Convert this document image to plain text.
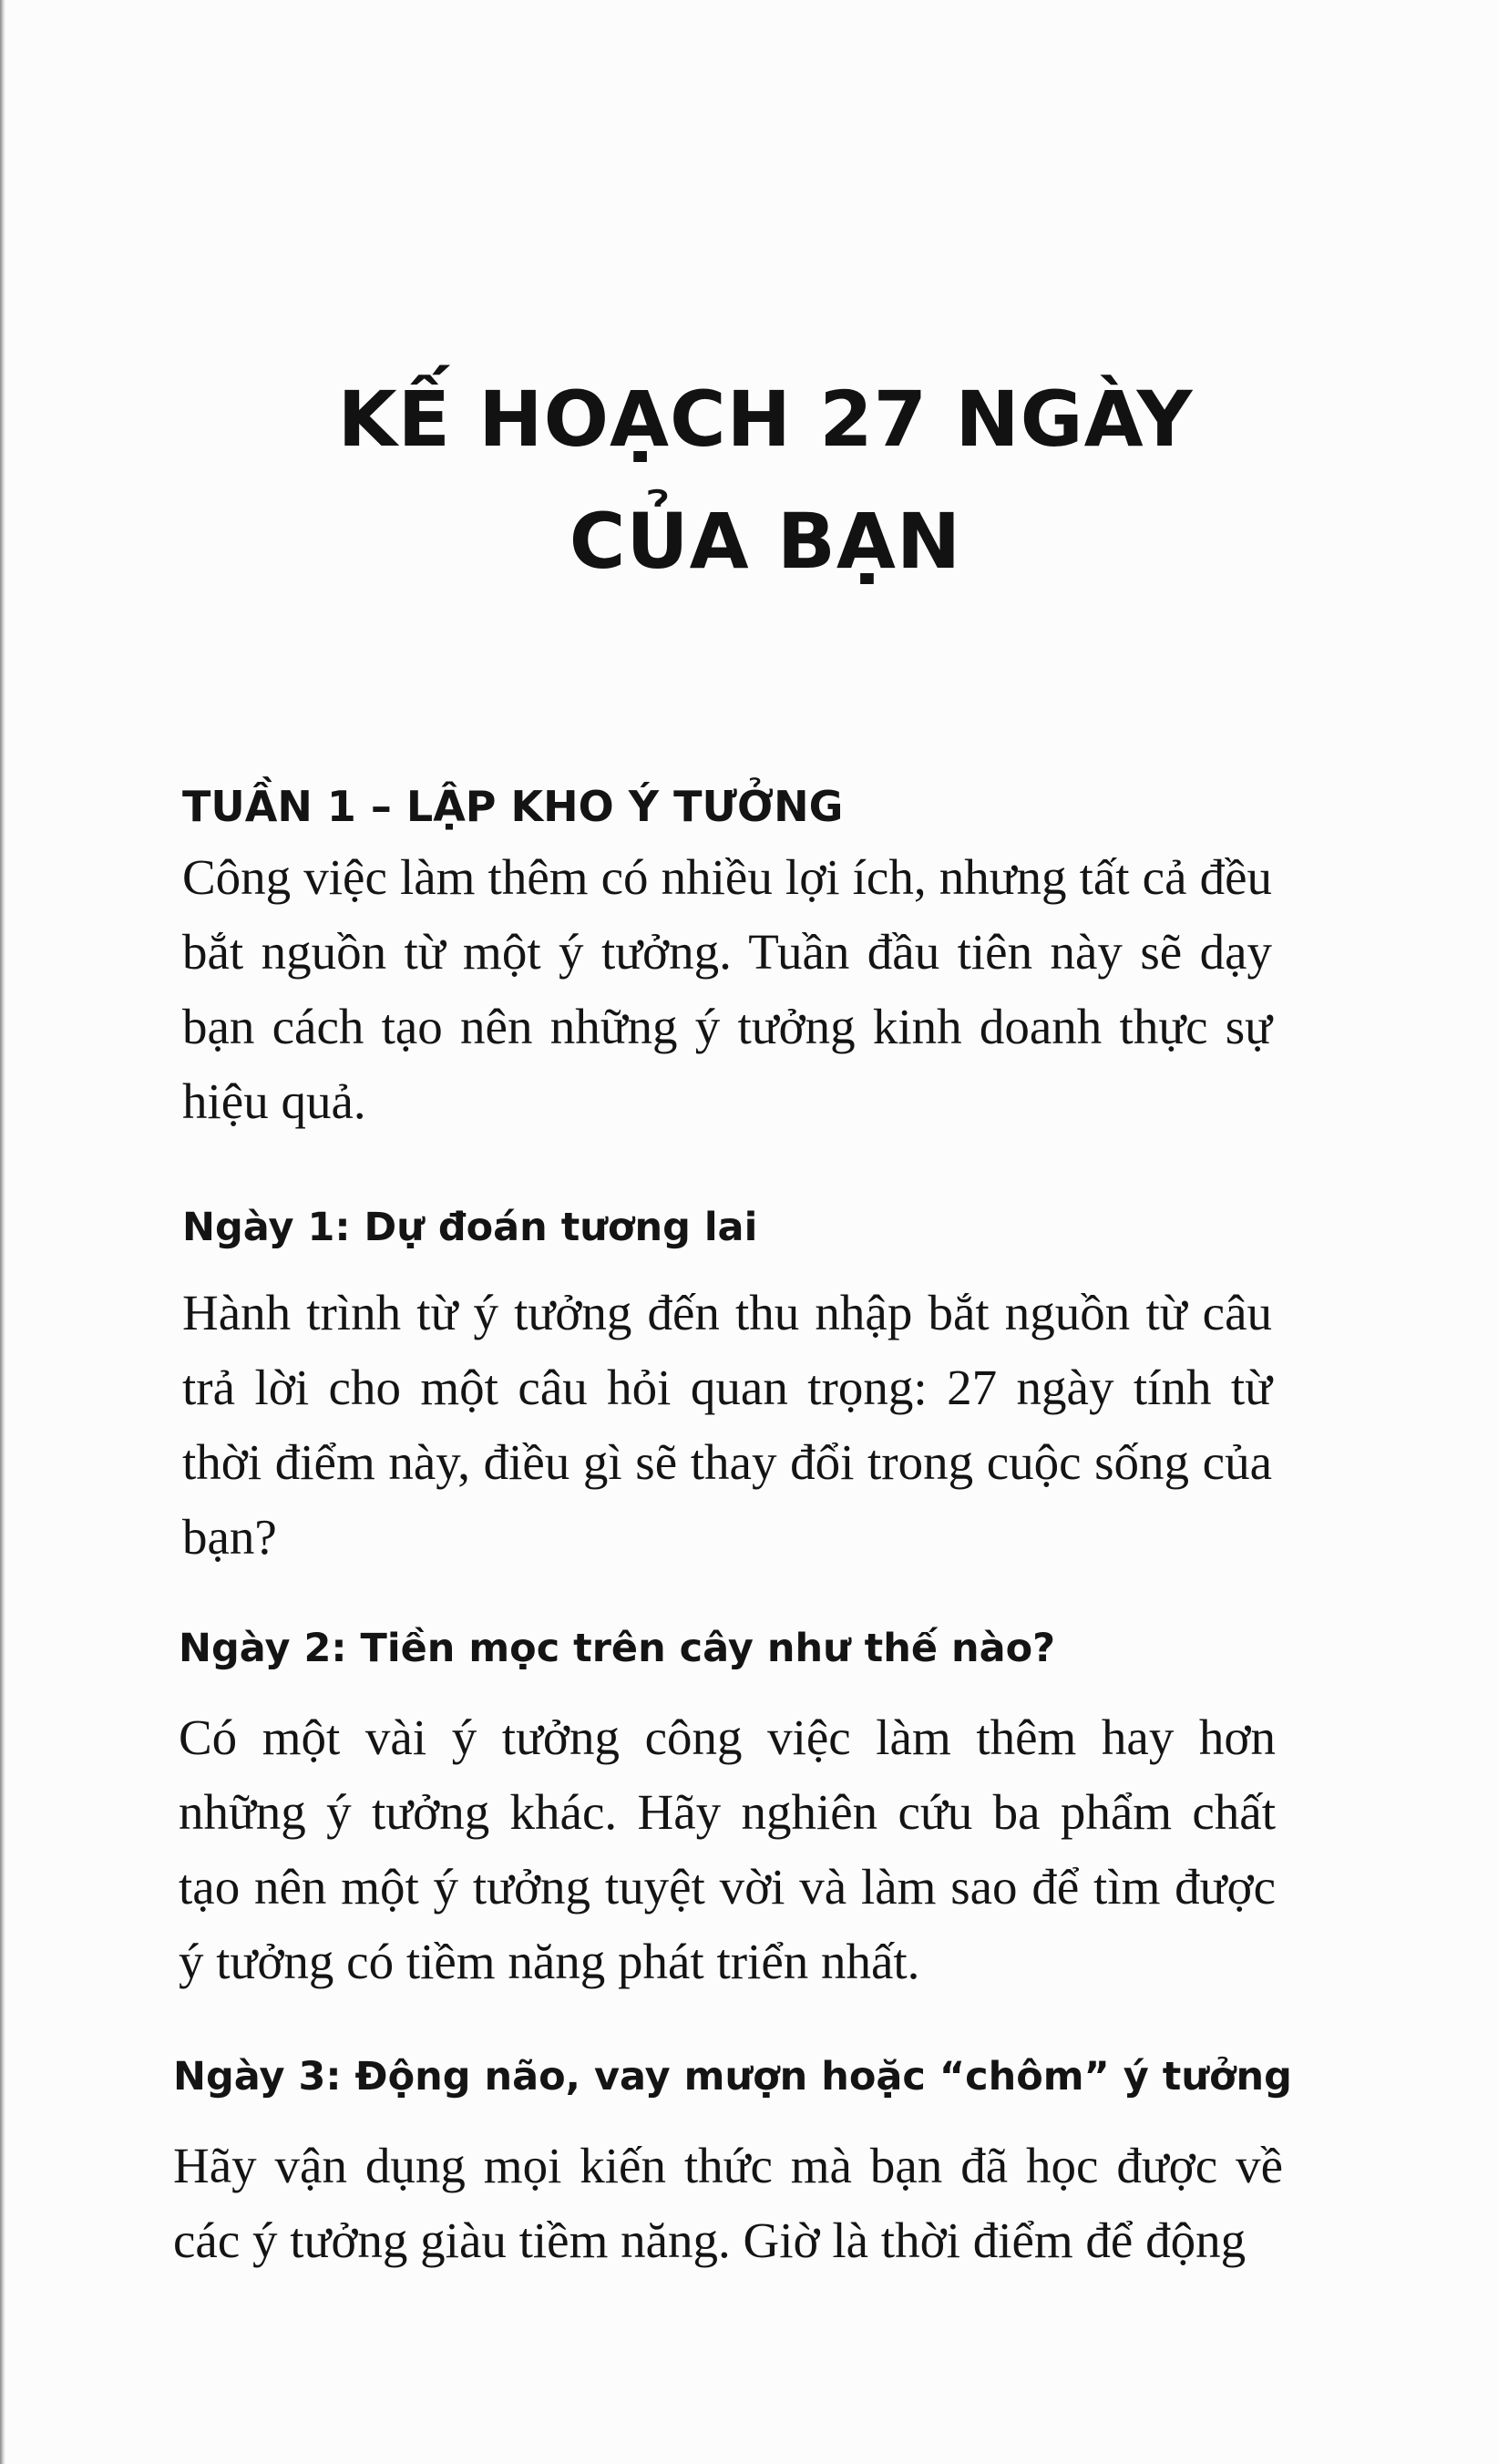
KẾ HOẠCH 27 NGÀY
CỦA BẠN
TUẦN 1 – LẬP KHO Ý TƯỞNG

Công việc làm thêm có nhiều lợi ích, nhưng tất cả đều bắt nguồn từ một ý tưởng. Tuần đầu tiên này sẽ dạy bạn cách tạo nên những ý tưởng kinh doanh thực sự hiệu quả.

Ngày 1: Dự đoán tương lai

Hành trình từ ý tưởng đến thu nhập bắt nguồn từ câu trả lời cho một câu hỏi quan trọng: 27 ngày tính từ thời điểm này, điều gì sẽ thay đổi trong cuộc sống của bạn?

Ngày 2: Tiền mọc trên cây như thế nào?

Có một vài ý tưởng công việc làm thêm hay hơn những ý tưởng khác. Hãy nghiên cứu ba phẩm chất tạo nên một ý tưởng tuyệt vời và làm sao để tìm được ý tưởng có tiềm năng phát triển nhất.

Ngày 3: Động não, vay mượn hoặc “chôm” ý tưởng

Hãy vận dụng mọi kiến thức mà bạn đã học được về các ý tưởng giàu tiềm năng. Giờ là thời điểm để động
